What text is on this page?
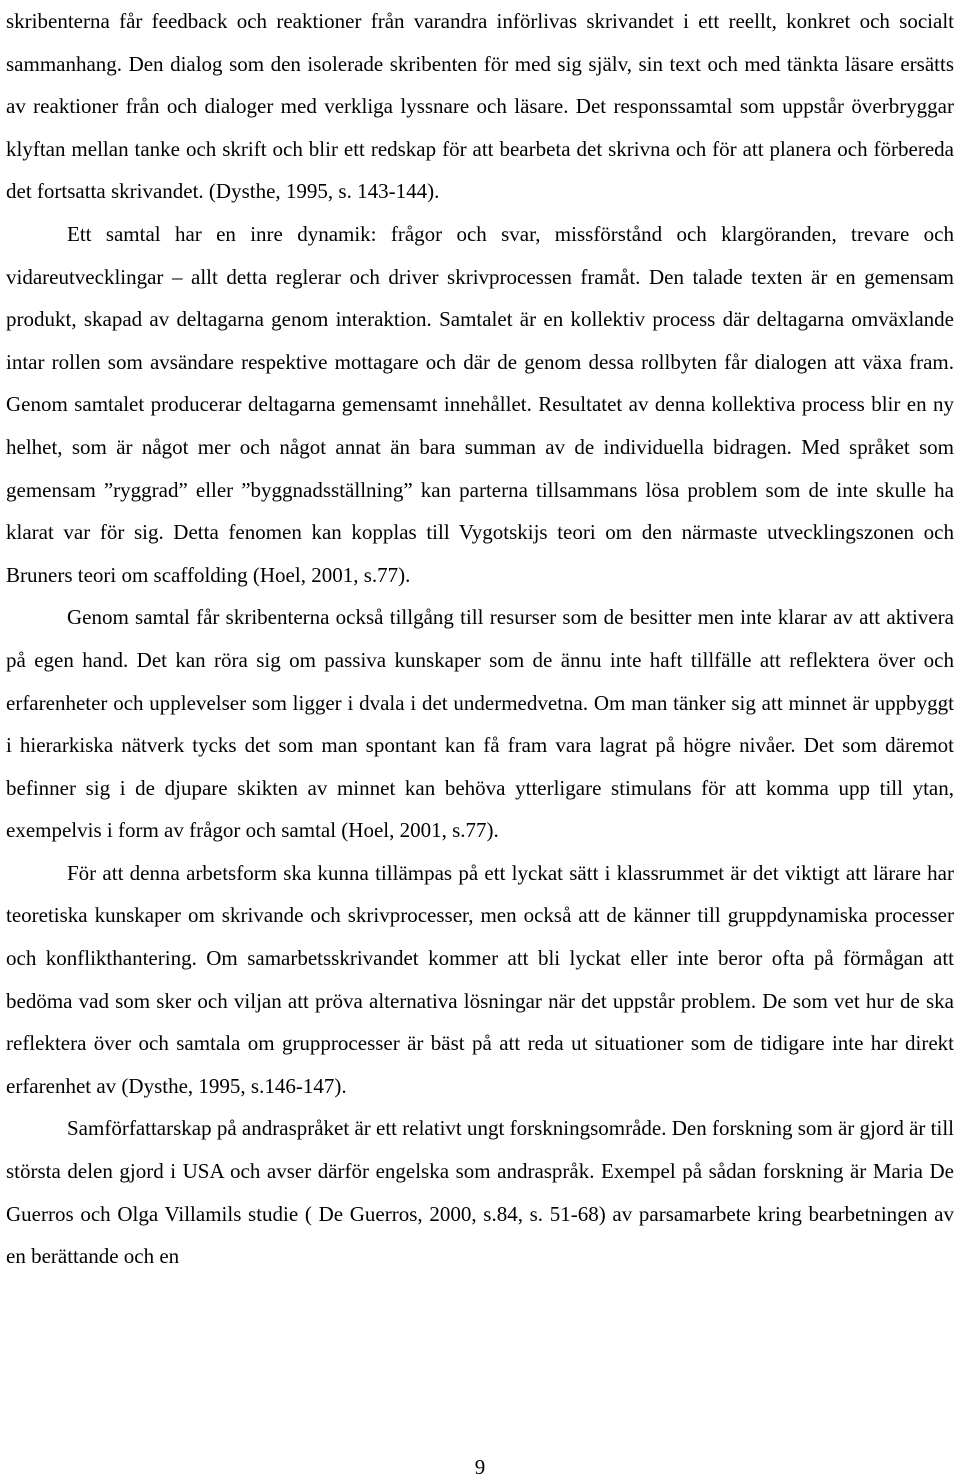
skribenterna får feedback och reaktioner från varandra införlivas skrivandet i ett reellt, konkret och socialt sammanhang. Den dialog som den isolerade skribenten för med sig själv, sin text och med tänkta läsare ersätts av reaktioner från och dialoger med verkliga lyssnare och läsare. Det responssamtal som uppstår överbryggar klyftan mellan tanke och skrift och blir ett redskap för att bearbeta det skrivna och för att planera och förbereda det fortsatta skrivandet. (Dysthe, 1995, s. 143-144).

Ett samtal har en inre dynamik: frågor och svar, missförstånd och klargöranden, trevare och vidareutvecklingar – allt detta reglerar och driver skrivprocessen framåt. Den talade texten är en gemensam produkt, skapad av deltagarna genom interaktion. Samtalet är en kollektiv process där deltagarna omväxlande intar rollen som avsändare respektive mottagare och där de genom dessa rollbyten får dialogen att växa fram. Genom samtalet producerar deltagarna gemensamt innehållet. Resultatet av denna kollektiva process blir en ny helhet, som är något mer och något annat än bara summan av de individuella bidragen. Med språket som gemensam ”ryggrad” eller ”byggnadsställning” kan parterna tillsammans lösa problem som de inte skulle ha klarat var för sig. Detta fenomen kan kopplas till Vygotskijs teori om den närmaste utvecklingszonen och Bruners teori om scaffolding (Hoel, 2001, s.77).

Genom samtal får skribenterna också tillgång till resurser som de besitter men inte klarar av att aktivera på egen hand. Det kan röra sig om passiva kunskaper som de ännu inte haft tillfälle att reflektera över och erfarenheter och upplevelser som ligger i dvala i det undermedvetna. Om man tänker sig att minnet är uppbyggt i hierarkiska nätverk tycks det som man spontant kan få fram vara lagrat på högre nivåer. Det som däremot befinner sig i de djupare skikten av minnet kan behöva ytterligare stimulans för att komma upp till ytan, exempelvis i form av frågor och samtal (Hoel, 2001, s.77).

För att denna arbetsform ska kunna tillämpas på ett lyckat sätt i klassrummet är det viktigt att lärare har teoretiska kunskaper om skrivande och skrivprocesser, men också att de känner till gruppdynamiska processer och konflikthantering. Om samarbetsskrivandet kommer att bli lyckat eller inte beror ofta på förmågan att bedöma vad som sker och viljan att pröva alternativa lösningar när det uppstår problem. De som vet hur de ska reflektera över och samtala om grupprocesser är bäst på att reda ut situationer som de tidigare inte har direkt erfarenhet av (Dysthe, 1995, s.146-147).

Samförfattarskap på andraspråket är ett relativt ungt forskningsområde. Den forskning som är gjord är till största delen gjord i USA och avser därför engelska som andraspråk. Exempel på sådan forskning är Maria De Guerros och Olga Villamils studie ( De Guerros, 2000, s.84, s. 51-68) av parsamarbete kring bearbetningen av en berättande och en

9
